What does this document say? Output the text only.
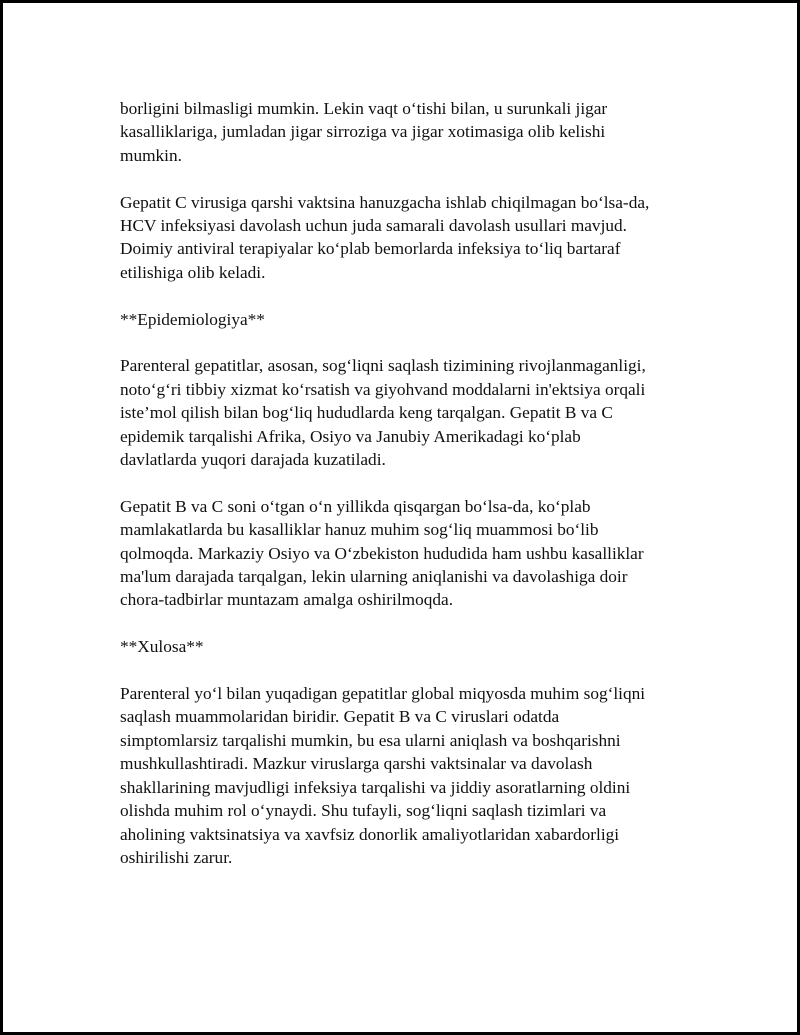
borligini bilmasligi mumkin. Lekin vaqt o‘tishi bilan, u surunkali jigar
kasalliklariga, jumladan jigar sirroziga va jigar xotimasiga olib kelishi
mumkin.

Gepatit C virusiga qarshi vaktsina hanuzgacha ishlab chiqilmagan bo‘lsa-da,
HCV infeksiyasi davolash uchun juda samarali davolash usullari mavjud.
Doimiy antiviral terapiyalar ko‘plab bemorlarda infeksiya to‘liq bartaraf
etilishiga olib keladi.

**Epidemiologiya**

Parenteral gepatitlar, asosan, sog‘liqni saqlash tizimining rivojlanmaganligi,
noto‘g‘ri tibbiy xizmat ko‘rsatish va giyohvand moddalarni in'ektsiya orqali
iste’mol qilish bilan bog‘liq hududlarda keng tarqalgan. Gepatit B va C
epidemik tarqalishi Afrika, Osiyo va Janubiy Amerikadagi ko‘plab
davlatlarda yuqori darajada kuzatiladi.

Gepatit B va C soni o‘tgan o‘n yillikda qisqargan bo‘lsa-da, ko‘plab
mamlakatlarda bu kasalliklar hanuz muhim sog‘liq muammosi bo‘lib
qolmoqda. Markaziy Osiyo va O‘zbekiston hududida ham ushbu kasalliklar
ma'lum darajada tarqalgan, lekin ularning aniqlanishi va davolashiga doir
chora-tadbirlar muntazam amalga oshirilmoqda.

**Xulosa**

Parenteral yo‘l bilan yuqadigan gepatitlar global miqyosda muhim sog‘liqni
saqlash muammolaridan biridir. Gepatit B va C viruslari odatda
simptomlarsiz tarqalishi mumkin, bu esa ularni aniqlash va boshqarishni
mushkullashtiradi. Mazkur viruslarga qarshi vaktsinalar va davolash
shakllarining mavjudligi infeksiya tarqalishi va jiddiy asoratlarning oldini
olishda muhim rol o‘ynaydi. Shu tufayli, sog‘liqni saqlash tizimlari va
aholining vaktsinatsiya va xavfsiz donorlik amaliyotlaridan xabardorligi
oshirilishi zarur.
